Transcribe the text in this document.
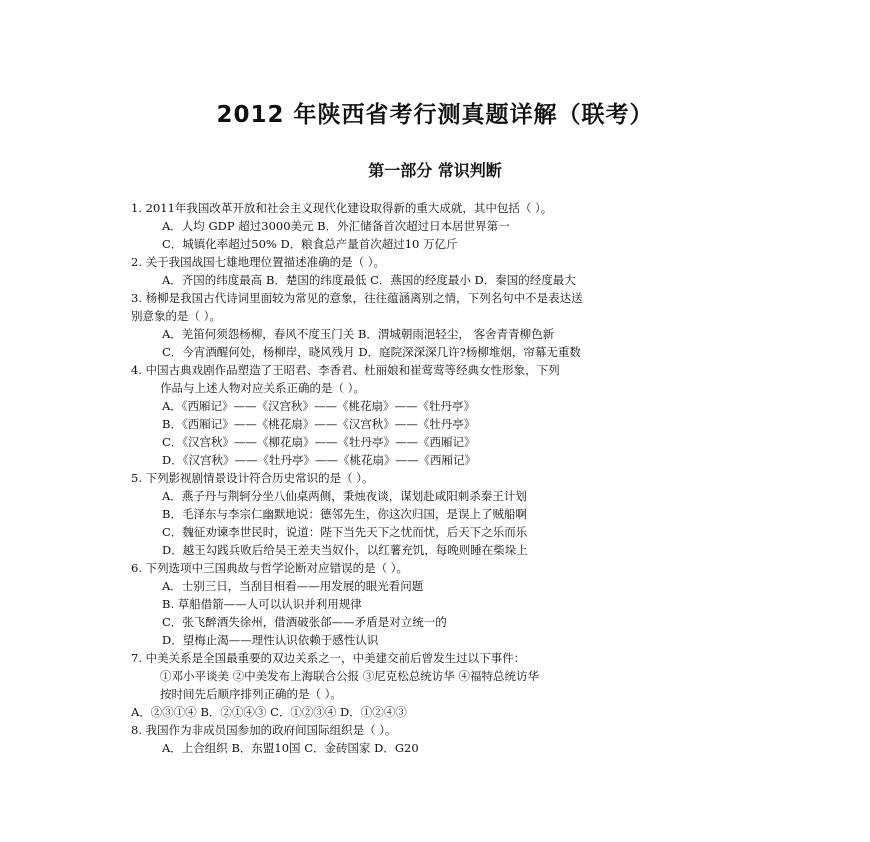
2012 年陕西省考行测真题详解（联考）
第一部分 常识判断
1. 2011年我国改革开放和社会主义现代化建设取得新的重大成就，其中包括（ ）。
A．人均 GDP 超过3000美元 B．外汇储备首次超过日本居世界第一
C．城镇化率超过50% D．粮食总产量首次超过10 万亿斤
2. 关于我国战国七雄地理位置描述准确的是（ ）。
A．齐国的纬度最高 B．楚国的纬度最低 C．燕国的经度最小 D．秦国的经度最大
3. 杨柳是我国古代诗词里面较为常见的意象，往往蕴涵离别之情，下列名句中不是表达送
别意象的是（ ）。
A．羌笛何须怨杨柳，春风不度玉门关 B．渭城朝雨浥轻尘， 客舍青青柳色新
C．今宵酒醒何处，杨柳岸，晓风残月 D．庭院深深深几许?杨柳堆烟，帘幕无重数
4. 中国古典戏剧作品塑造了王昭君、李香君、杜丽娘和崔莺莺等经典女性形象，下列
作品与上述人物对应关系正确的是（ ）。
A．《西厢记》——《汉宫秋》——《桃花扇》——《牡丹亭》
B．《西厢记》——《桃花扇》——《汉宫秋》——《牡丹亭》
C．《汉宫秋》——《柳花扇》——《牡丹亭》——《西厢记》
D．《汉宫秋》——《牡丹亭》——《桃花扇》——《西厢记》
5. 下列影视剧情景设计符合历史常识的是（ ）。
A．燕子丹与荆轲分坐八仙桌两侧，秉烛夜谈，谋划赴咸阳刺杀秦王计划
B．毛泽东与李宗仁幽默地说：德邻先生，你这次归国，是误上了贼船啊
C．魏征劝谏李世民时，说道：陛下当先天下之忧而忧，后天下之乐而乐
D．越王勾践兵败后给吴王差夫当奴仆，以红薯充饥，每晚则睡在柴垛上
6. 下列选项中三国典故与哲学论断对应错误的是（ ）。
A．士别三日，当刮目相看——用发展的眼光看问题
B. 草船借箭——人可以认识并利用规律
C．张飞醉酒失徐州，借酒破张郃——矛盾是对立统一的
D．望梅止渴——理性认识依赖于感性认识
7. 中美关系是全国最重要的双边关系之一，中美建交前后曾发生过以下事件：
①邓小平谈美 ②中美发布上海联合公报 ③尼克松总统访华 ④福特总统访华
按时间先后顺序排列正确的是（ ）。
A．②③①④ B．②①④③ C．①②③④ D．①②④③
8. 我国作为非成员国参加的政府间国际组织是（ ）。
A．上合组织 B．东盟10国 C．金砖国家 D．G20
